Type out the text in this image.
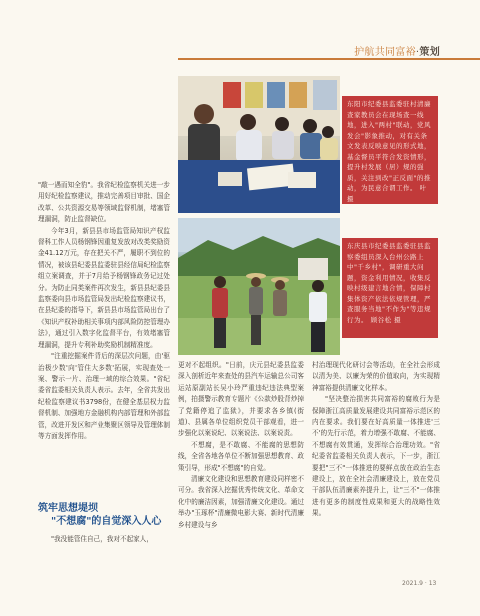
护航共同富裕·策划
东阳市纪委县监委驻村清廉查家教员会在现场查一线地，进入"两村"联动，党风发会"影象推动，对有关条文发表反映意见的形式地，基金督员平符合发资情形，提升村发展（居）规的强质，关注到改"正反面"的推动，为民意合谓工作。 叶 摄
东庆县市纪委县监委驻县监察委组员深入台州公路上中"千乡村"，调研重大问题，资金利用情况，收集反映村级建言地合情，保障村集体资产依法依规管理，严查服务当地"不作为"等违规行为。 顾谷松 摄

"敲一遇而知全豹"。我省纪检监察机关进一步用好纪检监察建议，推动完善项目审批、国企改革、公共资源交易等领域监督机制，堵塞管理漏洞，防止监督缺位。

今年3月，新县县市场监管局知识产权监督科工作人员杨钢锋因重复发放对改类奖励资金41.12万元，存在把关不严，履职不到位的情况，被该县纪委县监委驻县经信局纪检监察组立案调查，并于7月给予杨钢锋政务记过处分。为防止同类案件再次发生，新县县纪委县监察委向县市场监管局发出纪检监察建议书，在县纪委的指导下，新县县市场监管局出台了《知识产权补助相关事项内部风险防控管理办法》，通过引入数字化监督平台，有效堵塞管理漏洞，提升专利补助奖励机制精准度。

"注重挖掘案件背后的深层次问题，由'驱治极少数'向'管住大多数'拓展，实现查处一案、警示一片、治理一域的综合效果。"省纪委省监委相关负责人表示。去年，全省共发出纪检监察建议书3798份，在健全基层权力监督机制、加强地方金融机构内部管理和外部监管，改进开发区和产业集聚区领导及管理体制等方面发挥作用。

筑牢思想堤坝
"不想腐"的自觉深入人心

"我没能管住自己，我对不起家人，

更对不起组织。"日前，庆元县纪委县监委深入剖析近年来查处的县汽车运输总公司客运站原副站长吴小玲严重违纪违法典型案例，拍摄警示教育专题片《公款炒股背炒掉了党籍停追了监狱》，并要求各乡镇(街道)、县属各单位组织党员干部观看，进一步强化以案说纪、以案说法、以案说责。

不想腐，是不敢腐、不能腐的思想防线，全省各地各单位不断加强思想教育、政策引导，形成"不想腐"的自觉。

清廉文化建设和思想教育建设同样密不可分。我省深入挖掘优秀传统文化、革命文化中的廉洁因素，加强清廉文化建设。通过举办"玉琢杯"清廉微电影大赛、新时代清廉乡村建设与乡

村治理现代化研讨会等活动，在全社会形成以清为美、以廉为荣的价值取向，为实现精神富裕提供清廉文化样本。

"坚决整治损害共同富裕的腐败行为是保障浙江高质量发展建设共同富裕示范区的内在要求。我们要在好高质量一体推进'三不'的先行示范，着力增强不敢腐、不能腐、不想腐有效贯通，发挥综合治理功效。"省纪委省监委相关负责人表示，下一步，浙江要把"三不"一体推进的要鲜点放在政治生态建设上，放在全社会清廉建设上，放在党员干部队伍清廉素养提升上，让"三不"一体推进有更多的制度性成果和更大的战略性效果。

2021.9 · 13
